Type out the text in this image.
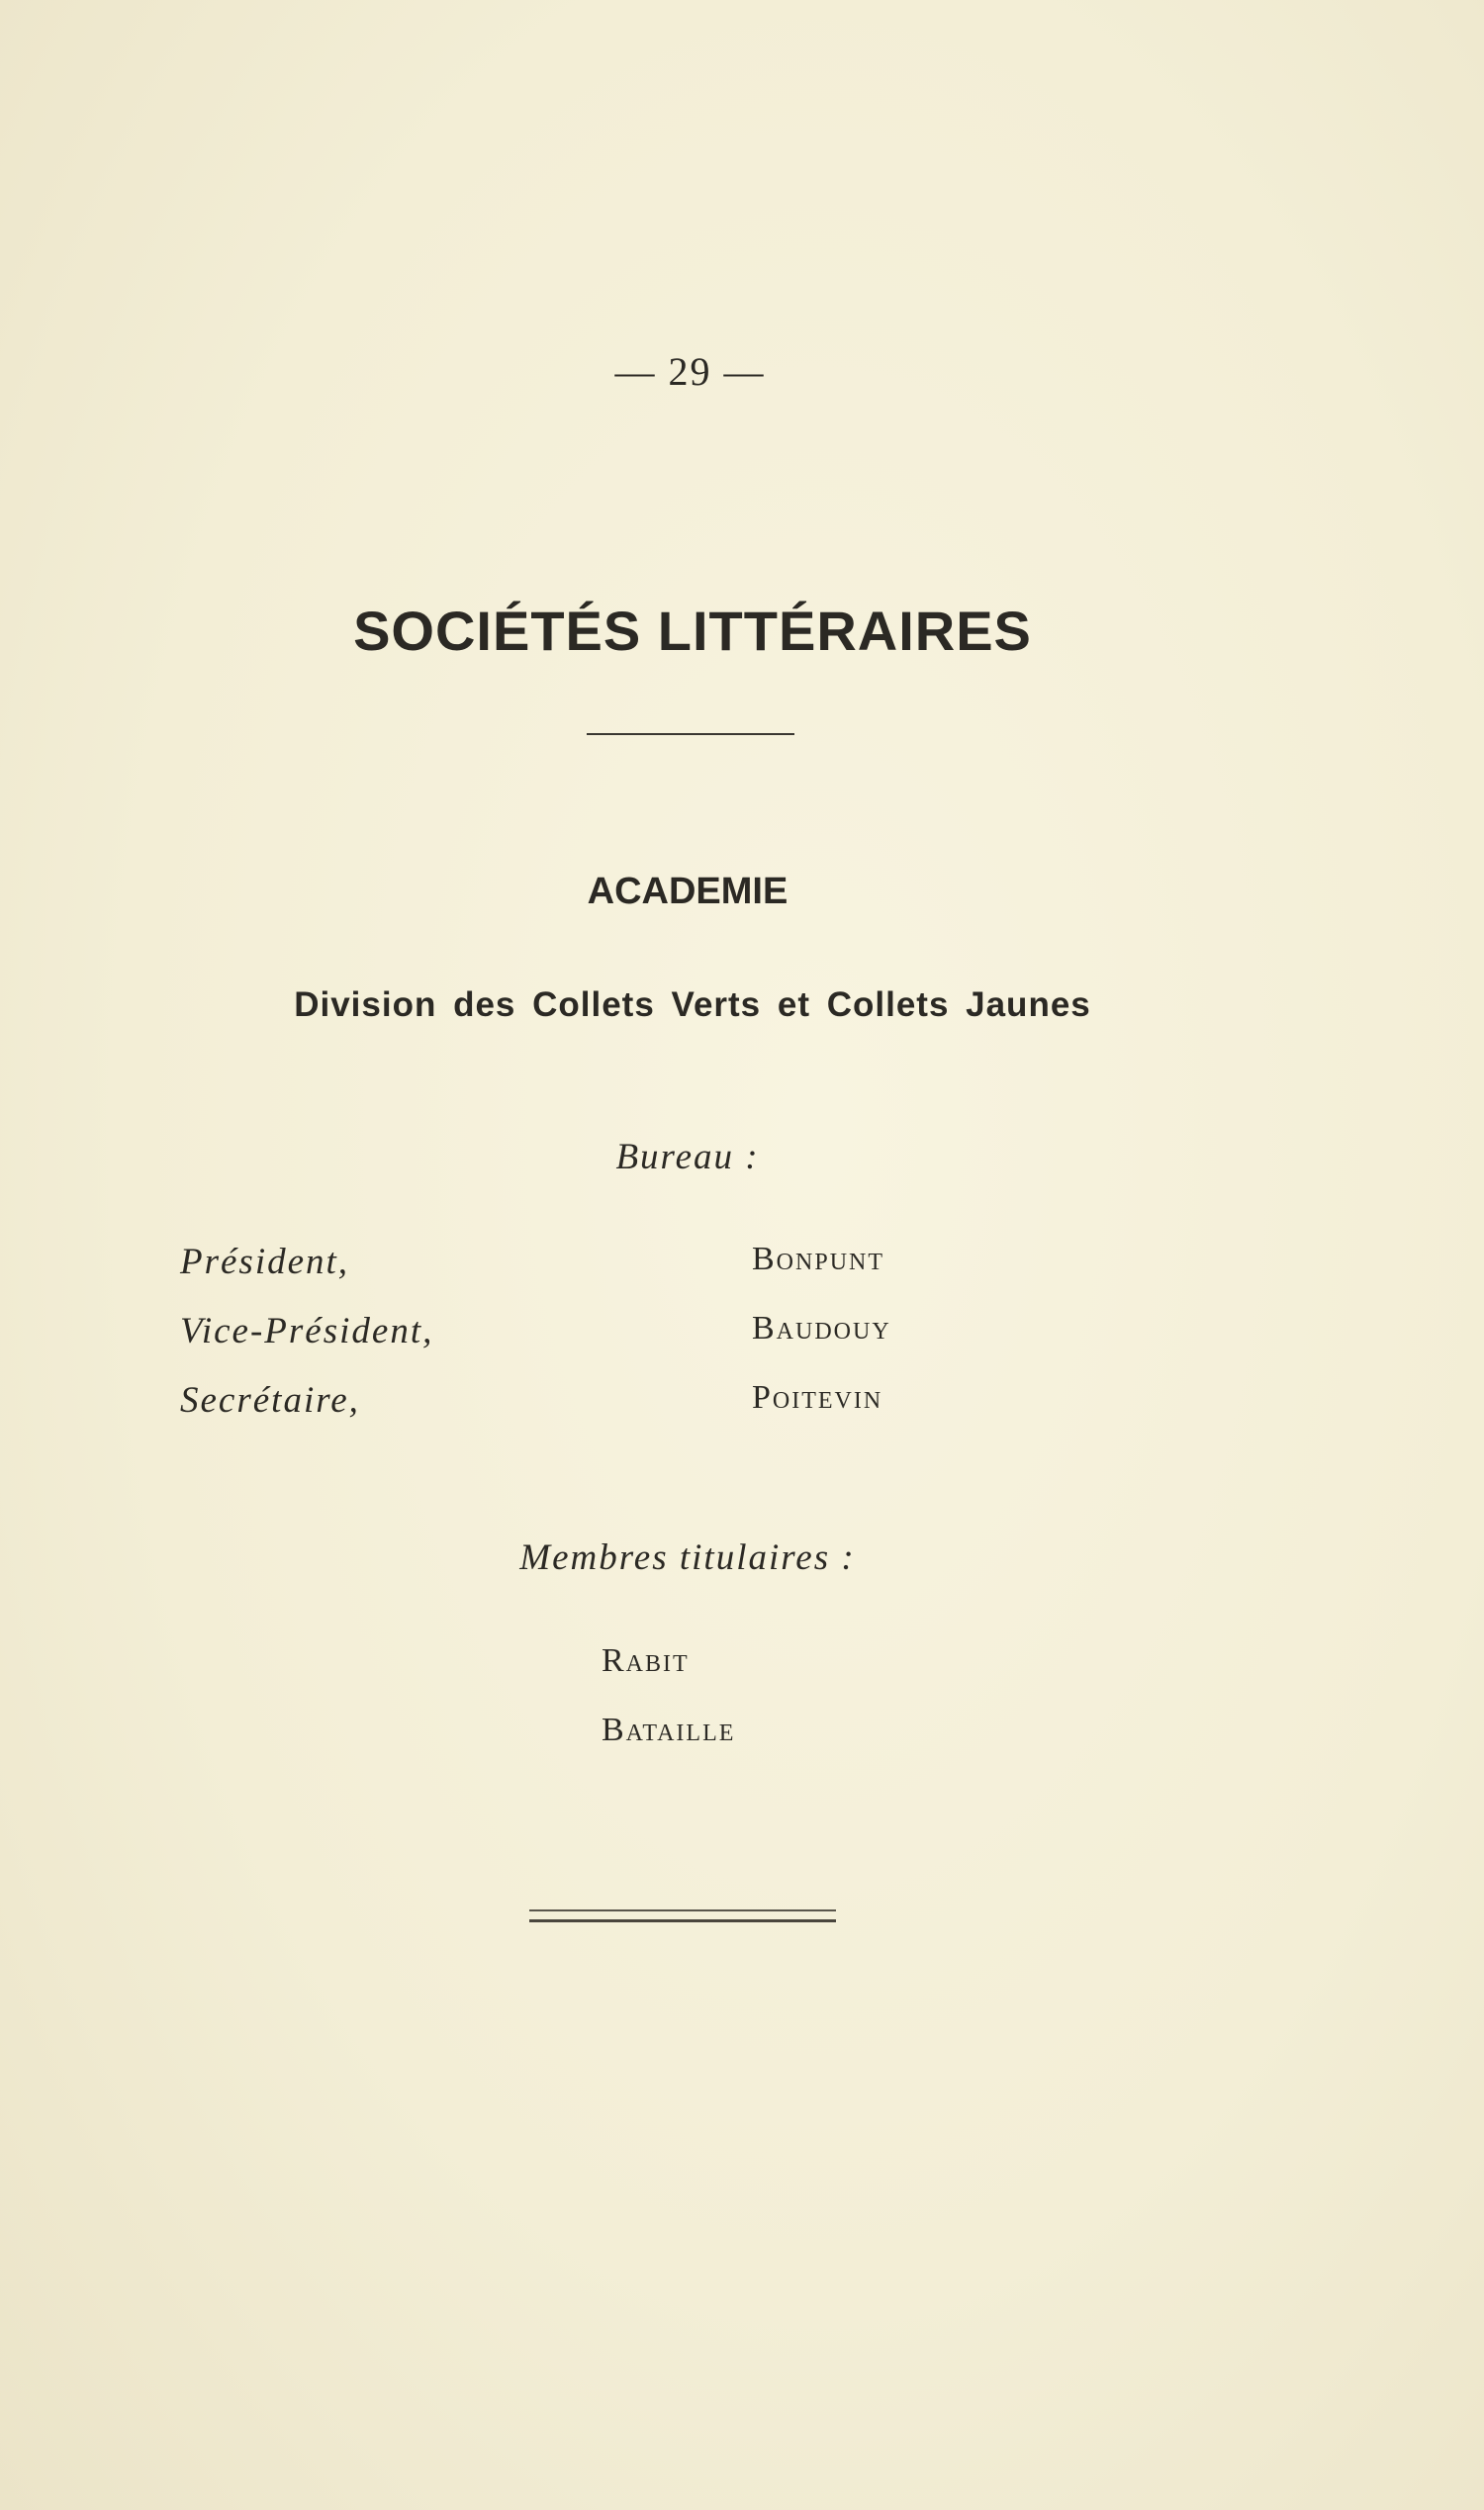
— 29 —
SOCIÉTÉS LITTÉRAIRES
ACADEMIE
Division des Collets Verts et Collets Jaunes
Bureau :
Président,	Bonpunt
Vice-Président,	Baudouy
Secrétaire,	Poitevin
Membres titulaires :
Rabit
Bataille
